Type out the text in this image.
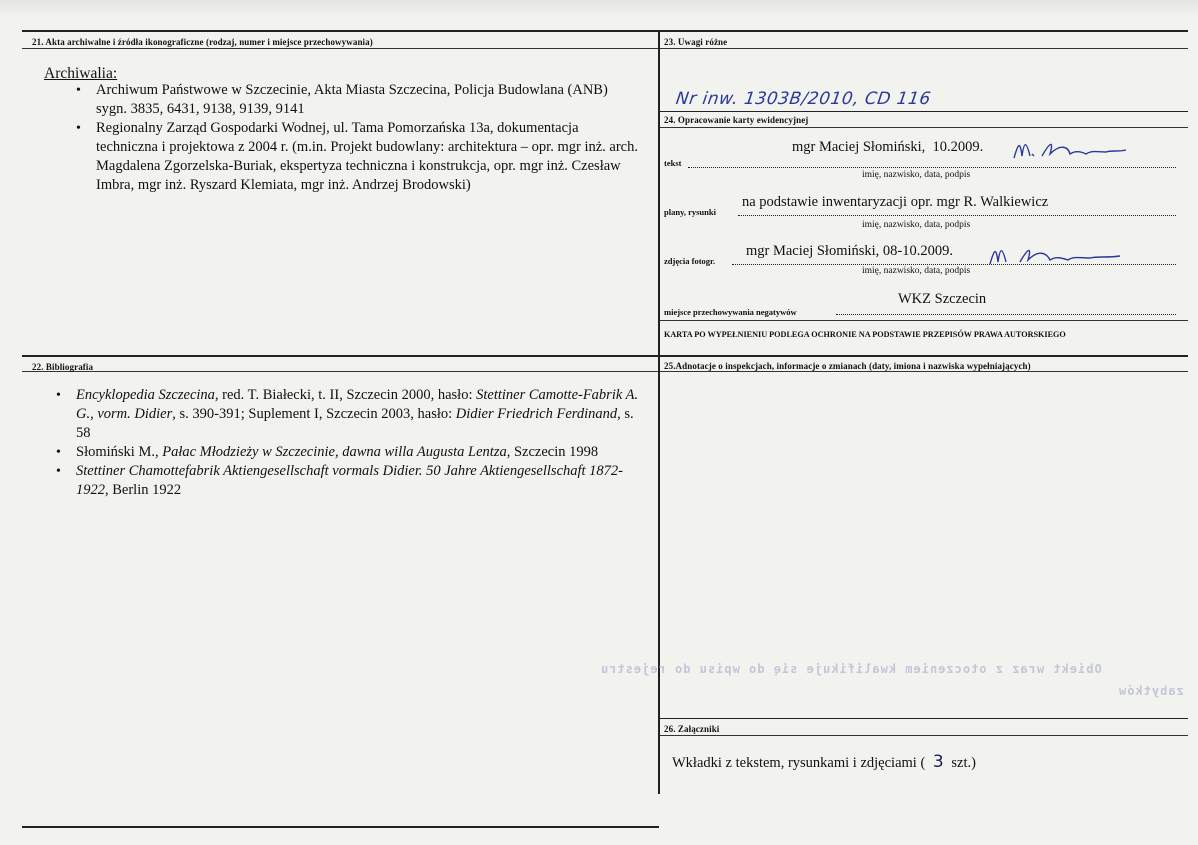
21. Akta archiwalne i źródła ikonograficzne (rodzaj, numer i miejsce przechowywania)
Archiwalia:
• Archiwum Państwowe w Szczecinie, Akta Miasta Szczecina, Policja Budowlana (ANB) sygn. 3835, 6431, 9138, 9139, 9141
• Regionalny Zarząd Gospodarki Wodnej, ul. Tama Pomorzańska 13a, dokumentacja techniczna i projektowa z 2004 r. (m.in. Projekt budowlany: architektura – opr. mgr inż. arch. Magdalena Zgorzelska-Buriak, ekspertyza techniczna i konstrukcja, opr. mgr inż. Czesław Imbra, mgr inż. Ryszard Klemiata, mgr inż. Andrzej Brodowski)
22. Bibliografia
• Encyklopedia Szczecina, red. T. Białecki, t. II, Szczecin 2000, hasło: Stettiner Camotte-Fabrik A. G., vorm. Didier, s. 390-391; Suplement I, Szczecin 2003, hasło: Didier Friedrich Ferdinand, s. 58
• Słomiński M., Pałac Młodzieży w Szczecinie, dawna willa Augusta Lentza, Szczecin 1998
• Stettiner Chamottefabrik Aktiengesellschaft vormals Didier. 50 Jahre Aktiengesellschaft 1872-1922, Berlin 1922
23. Uwagi różne
Nr inw. 1303B/2010, CD 116
24. Opracowanie karty ewidencyjnej
tekst
mgr Maciej Słomiński,  10.2009.
imię, nazwisko, data, podpis
plany, rysunki
na podstawie inwentaryzacji opr. mgr R. Walkiewicz
imię, nazwisko, data, podpis
zdjęcia fotogr.
mgr Maciej Słomiński, 08-10.2009.
imię, nazwisko, data, podpis
miejsce przechowywania negatywów
WKZ Szczecin
KARTA PO WYPEŁNIENIU PODLEGA OCHRONIE NA PODSTAWIE PRZEPISÓW PRAWA AUTORSKIEGO
25.Adnotacje o inspekcjach, informacje o zmianach (daty, imiona i nazwiska wypełniających)
Obiekt wraz z otoczeniem kwalifikuje się do wpisu do rejestru
zabytków
26. Załączniki
Wkładki z tekstem, rysunkami i zdjęciami ( 3 szt.)
